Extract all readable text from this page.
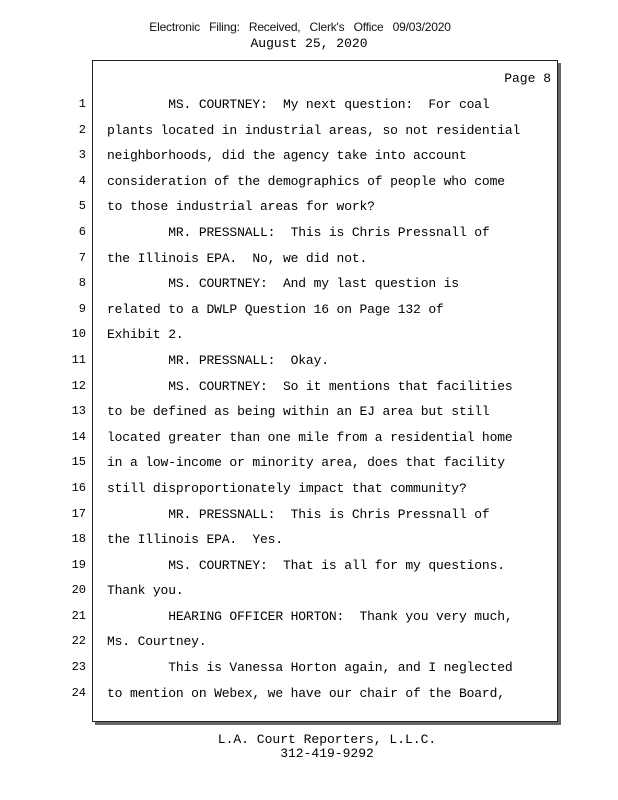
Electronic Filing: Received, Clerk's Office 09/03/2020
August 25, 2020
Page 8
1
2
3
4
5
6
7
8
9
10
11
12
13
14
15
16
17
18
19
20
21
22
23
24
MS. COURTNEY:  My next question:  For coal
plants located in industrial areas, so not residential
neighborhoods, did the agency take into account
consideration of the demographics of people who come
to those industrial areas for work?
MR. PRESSNALL:  This is Chris Pressnall of
the Illinois EPA.  No, we did not.
MS. COURTNEY:  And my last question is
related to a DWLP Question 16 on Page 132 of
Exhibit 2.
MR. PRESSNALL:  Okay.
MS. COURTNEY:  So it mentions that facilities
to be defined as being within an EJ area but still
located greater than one mile from a residential home
in a low-income or minority area, does that facility
still disproportionately impact that community?
MR. PRESSNALL:  This is Chris Pressnall of
the Illinois EPA.  Yes.
MS. COURTNEY:  That is all for my questions.
Thank you.
HEARING OFFICER HORTON:  Thank you very much,
Ms. Courtney.
This is Vanessa Horton again, and I neglected
to mention on Webex, we have our chair of the Board,
L.A. Court Reporters, L.L.C.
312-419-9292
